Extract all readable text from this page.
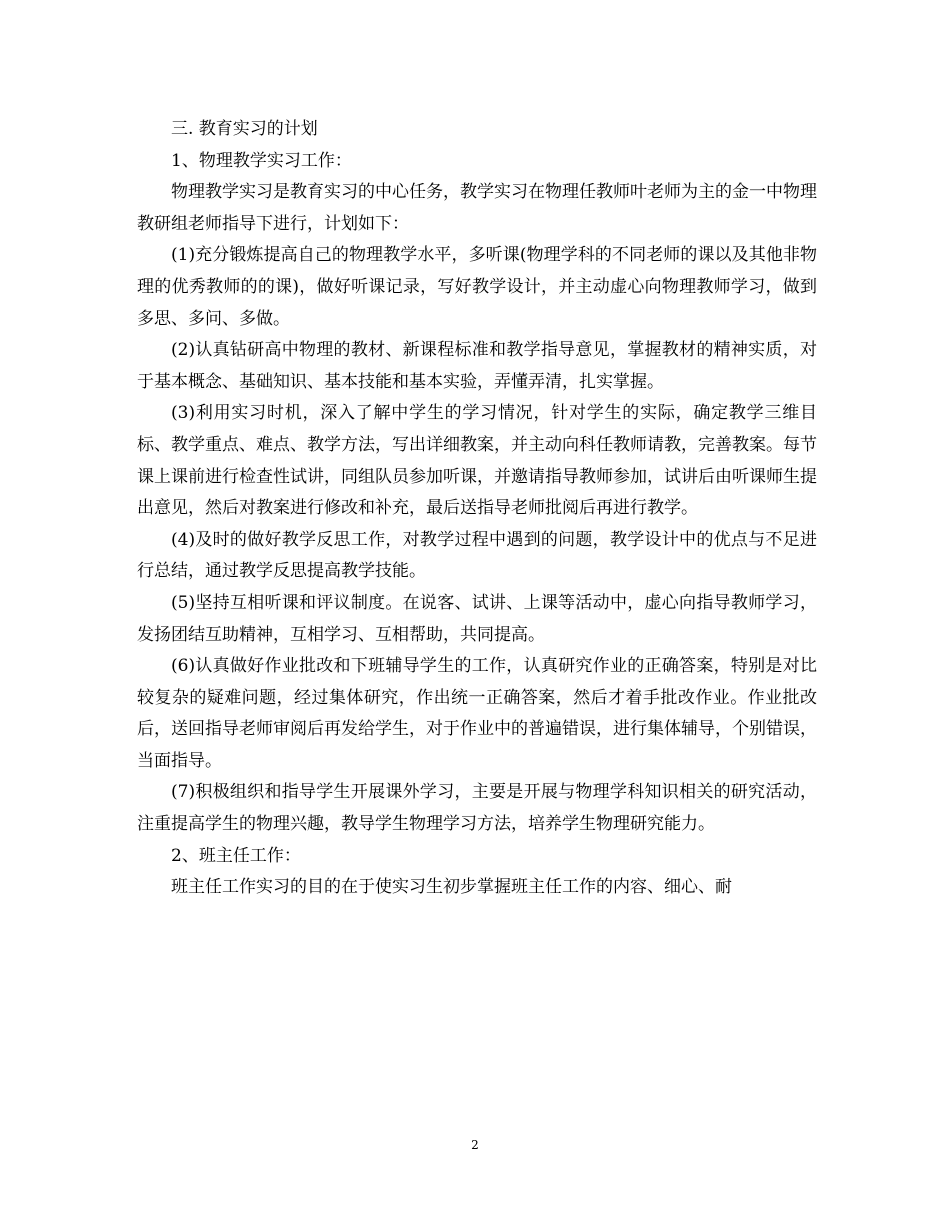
三. 教育实习的计划

1、物理教学实习工作：

物理教学实习是教育实习的中心任务，教学实习在物理任教师叶老师为主的金一中物理教研组老师指导下进行，计划如下：

(1)充分锻炼提高自己的物理教学水平，多听课(物理学科的不同老师的课以及其他非物理的优秀教师的的课)，做好听课记录，写好教学设计，并主动虚心向物理教师学习，做到多思、多问、多做。

(2)认真钻研高中物理的教材、新课程标准和教学指导意见，掌握教材的精神实质，对于基本概念、基础知识、基本技能和基本实验，弄懂弄清，扎实掌握。

(3)利用实习时机，深入了解中学生的学习情况，针对学生的实际，确定教学三维目标、教学重点、难点、教学方法，写出详细教案，并主动向科任教师请教，完善教案。每节课上课前进行检查性试讲，同组队员参加听课，并邀请指导教师参加，试讲后由听课师生提出意见，然后对教案进行修改和补充，最后送指导老师批阅后再进行教学。

(4)及时的做好教学反思工作，对教学过程中遇到的问题，教学设计中的优点与不足进行总结，通过教学反思提高教学技能。

(5)坚持互相听课和评议制度。在说客、试讲、上课等活动中，虚心向指导教师学习，发扬团结互助精神，互相学习、互相帮助，共同提高。

(6)认真做好作业批改和下班辅导学生的工作，认真研究作业的正确答案，特别是对比较复杂的疑难问题，经过集体研究，作出统一正确答案，然后才着手批改作业。作业批改后，送回指导老师审阅后再发给学生，对于作业中的普遍错误，进行集体辅导，个别错误，当面指导。

(7)积极组织和指导学生开展课外学习，主要是开展与物理学科知识相关的研究活动，注重提高学生的物理兴趣，教导学生物理学习方法，培养学生物理研究能力。

2、班主任工作：

班主任工作实习的目的在于使实习生初步掌握班主任工作的内容、细心、耐

2
